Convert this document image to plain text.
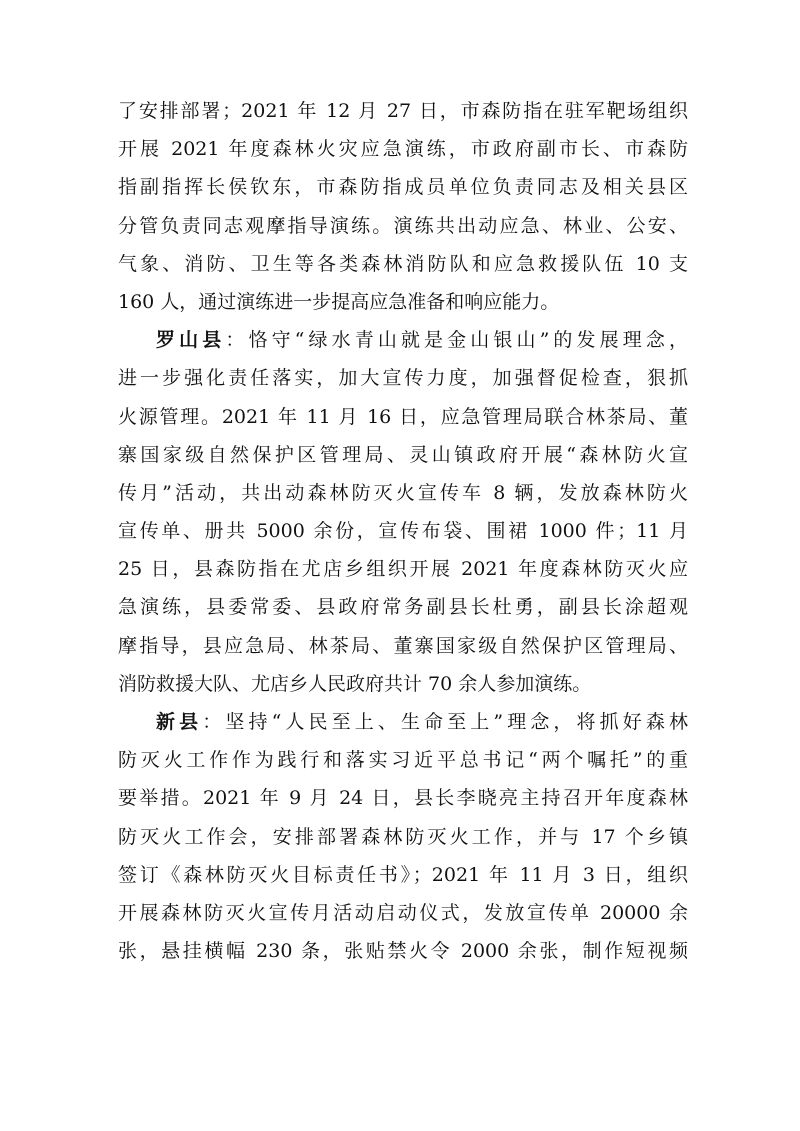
了安排部署；2021 年 12 月 27 日，市森防指在驻军靶场组织
开展 2021 年度森林火灾应急演练，市政府副市长、市森防
指副指挥长侯钦东，市森防指成员单位负责同志及相关县区
分管负责同志观摩指导演练。演练共出动应急、林业、公安、
气象、消防、卫生等各类森林消防队和应急救援队伍 10 支
160 人，通过演练进一步提高应急准备和响应能力。
罗山县：恪守“绿水青山就是金山银山”的发展理念，
进一步强化责任落实，加大宣传力度，加强督促检查，狠抓
火源管理。2021 年 11 月 16 日，应急管理局联合林茶局、董
寨国家级自然保护区管理局、灵山镇政府开展“森林防火宣
传月”活动，共出动森林防灭火宣传车 8 辆，发放森林防火
宣传单、册共 5000 余份，宣传布袋、围裙 1000 件；11 月
25 日，县森防指在尤店乡组织开展 2021 年度森林防灭火应
急演练，县委常委、县政府常务副县长杜勇，副县长涂超观
摩指导，县应急局、林茶局、董寨国家级自然保护区管理局、
消防救援大队、尤店乡人民政府共计 70 余人参加演练。
新县：坚持“人民至上、生命至上”理念，将抓好森林
防灭火工作作为践行和落实习近平总书记“两个嘱托”的重
要举措。2021 年 9 月 24 日，县长李晓亮主持召开年度森林
防灭火工作会，安排部署森林防灭火工作，并与 17 个乡镇
签订《森林防灭火目标责任书》；2021 年 11 月 3 日，组织
开展森林防灭火宣传月活动启动仪式，发放宣传单 20000 余
张，悬挂横幅 230 条，张贴禁火令 2000 余张，制作短视频
